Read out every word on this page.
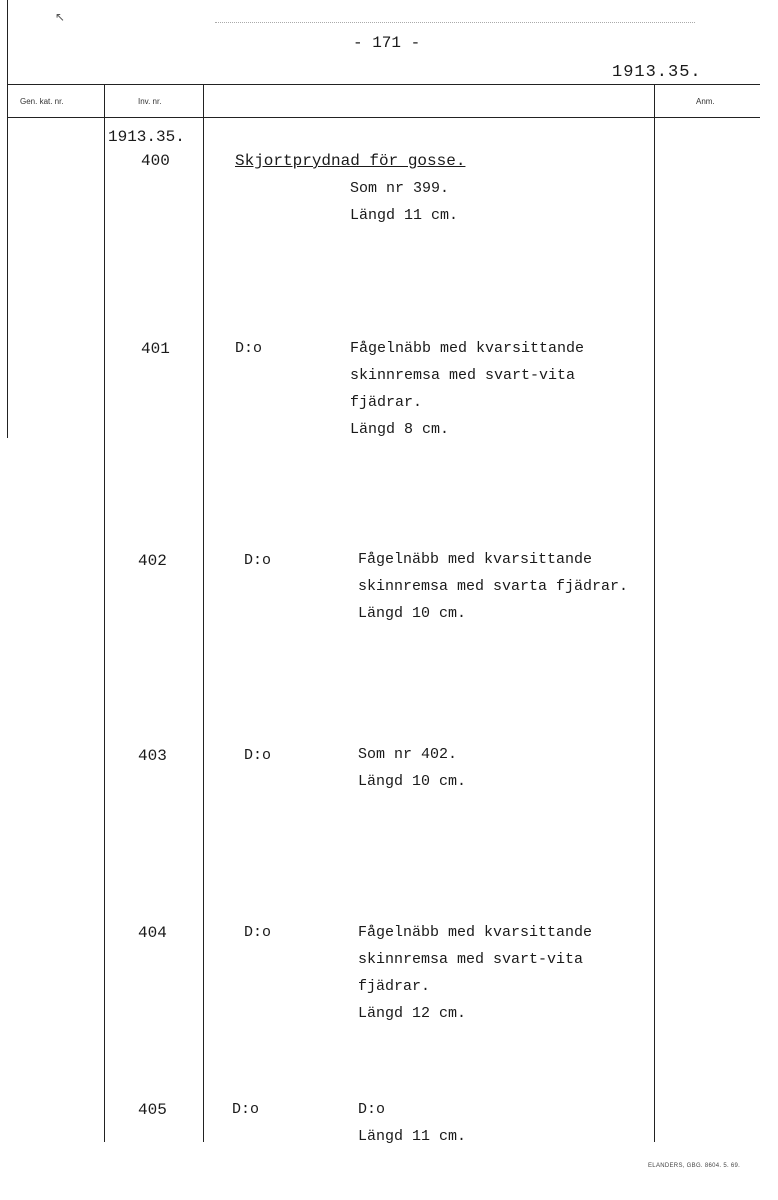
↖
- 171 -
1913.35.
Gen. kat. nr.	Inv. nr.	Anm.
1913.35.
400	Skjortprydnad för gosse.
Som nr 399.
Längd 11 cm.
401	D:o	Fågelnäbb med kvarsittande
skinnremsa med svart-vita
fjädrar.
Längd 8 cm.
402	D:o	Fågelnäbb med kvarsittande
skinnremsa med svarta fjädrar.
Längd 10 cm.
403	D:o	Som nr 402.
Längd 10 cm.
404	D:o	Fågelnäbb med kvarsittande
skinnremsa med svart-vita
fjädrar.
Längd 12 cm.
405	D:o	D:o
Längd 11 cm.
ELANDERS, GBG. 8604. 5. 69.
